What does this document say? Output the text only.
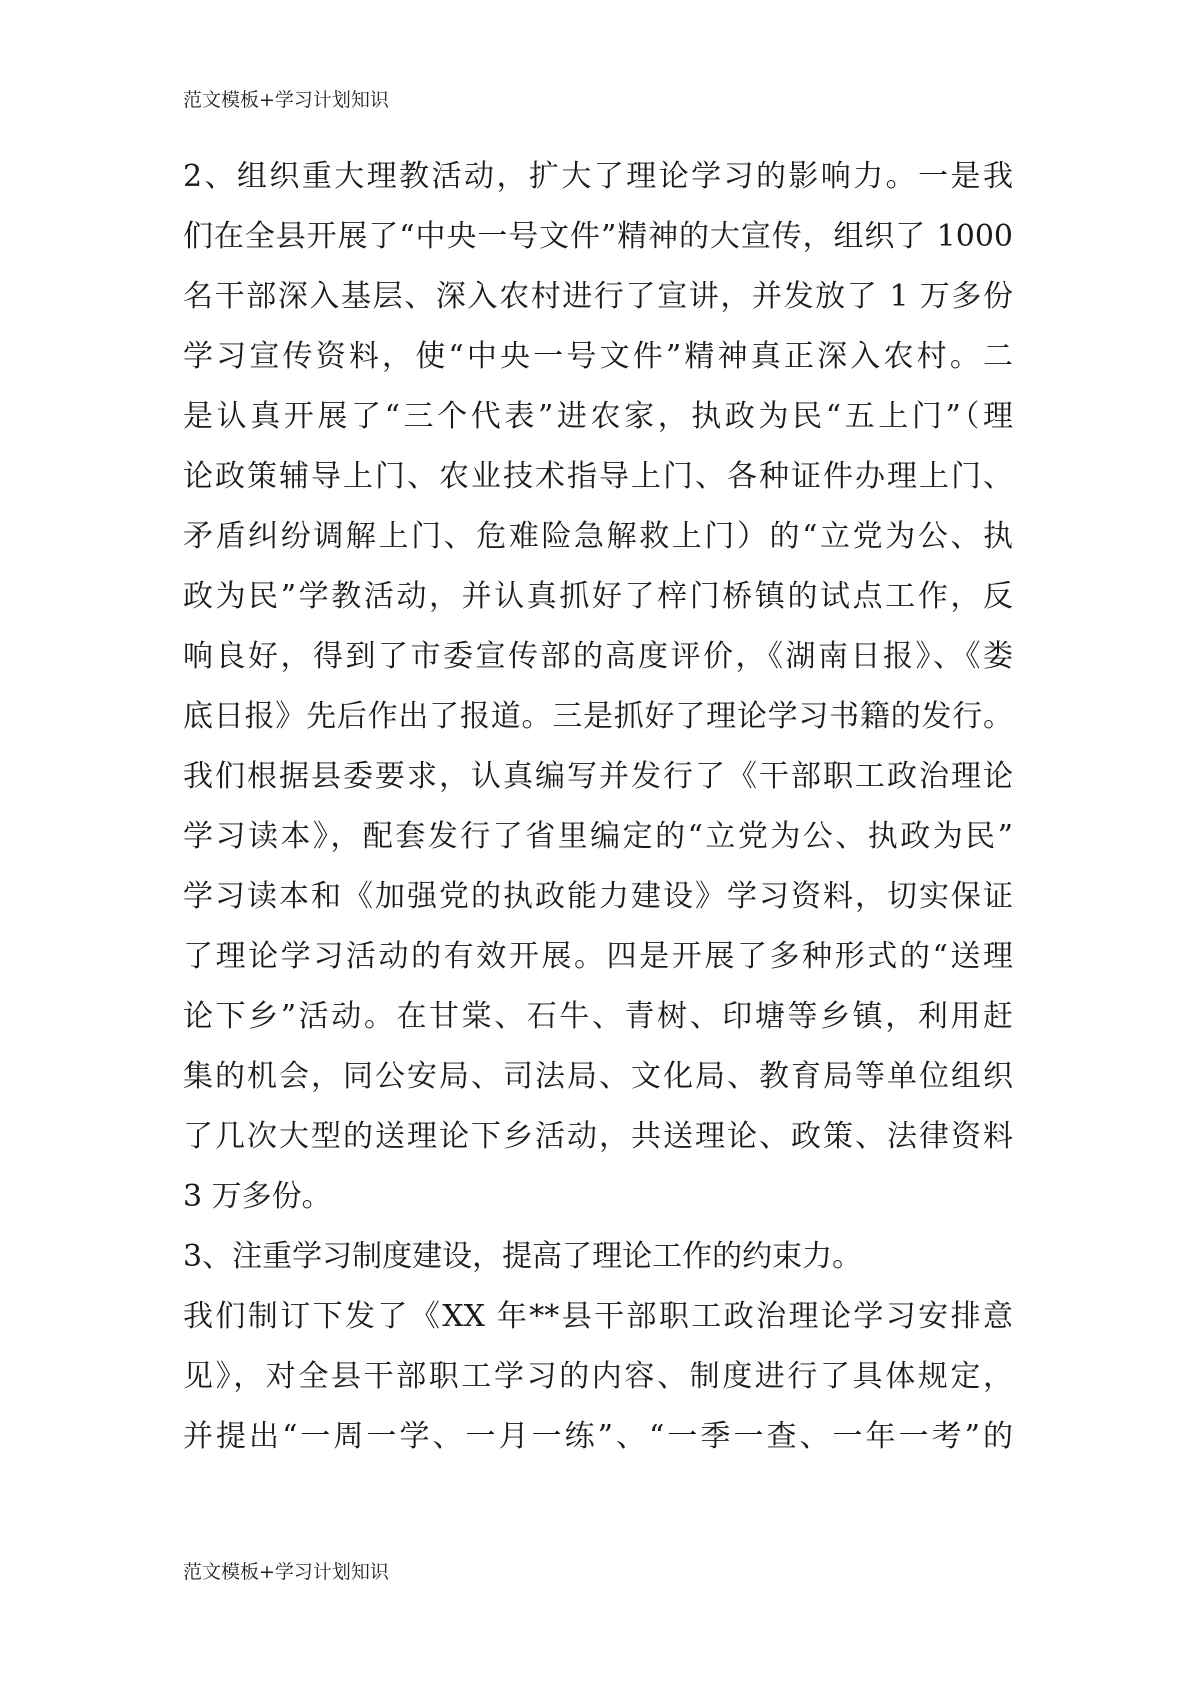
范文模板+学习计划知识
2、组织重大理教活动，扩大了理论学习的影响力。一是我
们在全县开展了“中央一号文件”精神的大宣传，组织了 1000
名干部深入基层、深入农村进行了宣讲，并发放了 1 万多份
学习宣传资料，使“中央一号文件”精神真正深入农村。二
是认真开展了“三个代表”进农家，执政为民“五上门”（理
论政策辅导上门、农业技术指导上门、各种证件办理上门、
矛盾纠纷调解上门、危难险急解救上门）的“立党为公、执
政为民”学教活动，并认真抓好了梓门桥镇的试点工作，反
响良好，得到了市委宣传部的高度评价，《湖南日报》、《娄
底日报》先后作出了报道。三是抓好了理论学习书籍的发行。
我们根据县委要求，认真编写并发行了《干部职工政治理论
学习读本》，配套发行了省里编定的“立党为公、执政为民”
学习读本和《加强党的执政能力建设》学习资料，切实保证
了理论学习活动的有效开展。四是开展了多种形式的“送理
论下乡”活动。在甘棠、石牛、青树、印塘等乡镇，利用赶
集的机会，同公安局、司法局、文化局、教育局等单位组织
了几次大型的送理论下乡活动，共送理论、政策、法律资料
3 万多份。
3、注重学习制度建设，提高了理论工作的约束力。
我们制订下发了《XX 年**县干部职工政治理论学习安排意
见》，对全县干部职工学习的内容、制度进行了具体规定，
并提出“一周一学、一月一练”、“一季一查、一年一考”的
范文模板+学习计划知识
